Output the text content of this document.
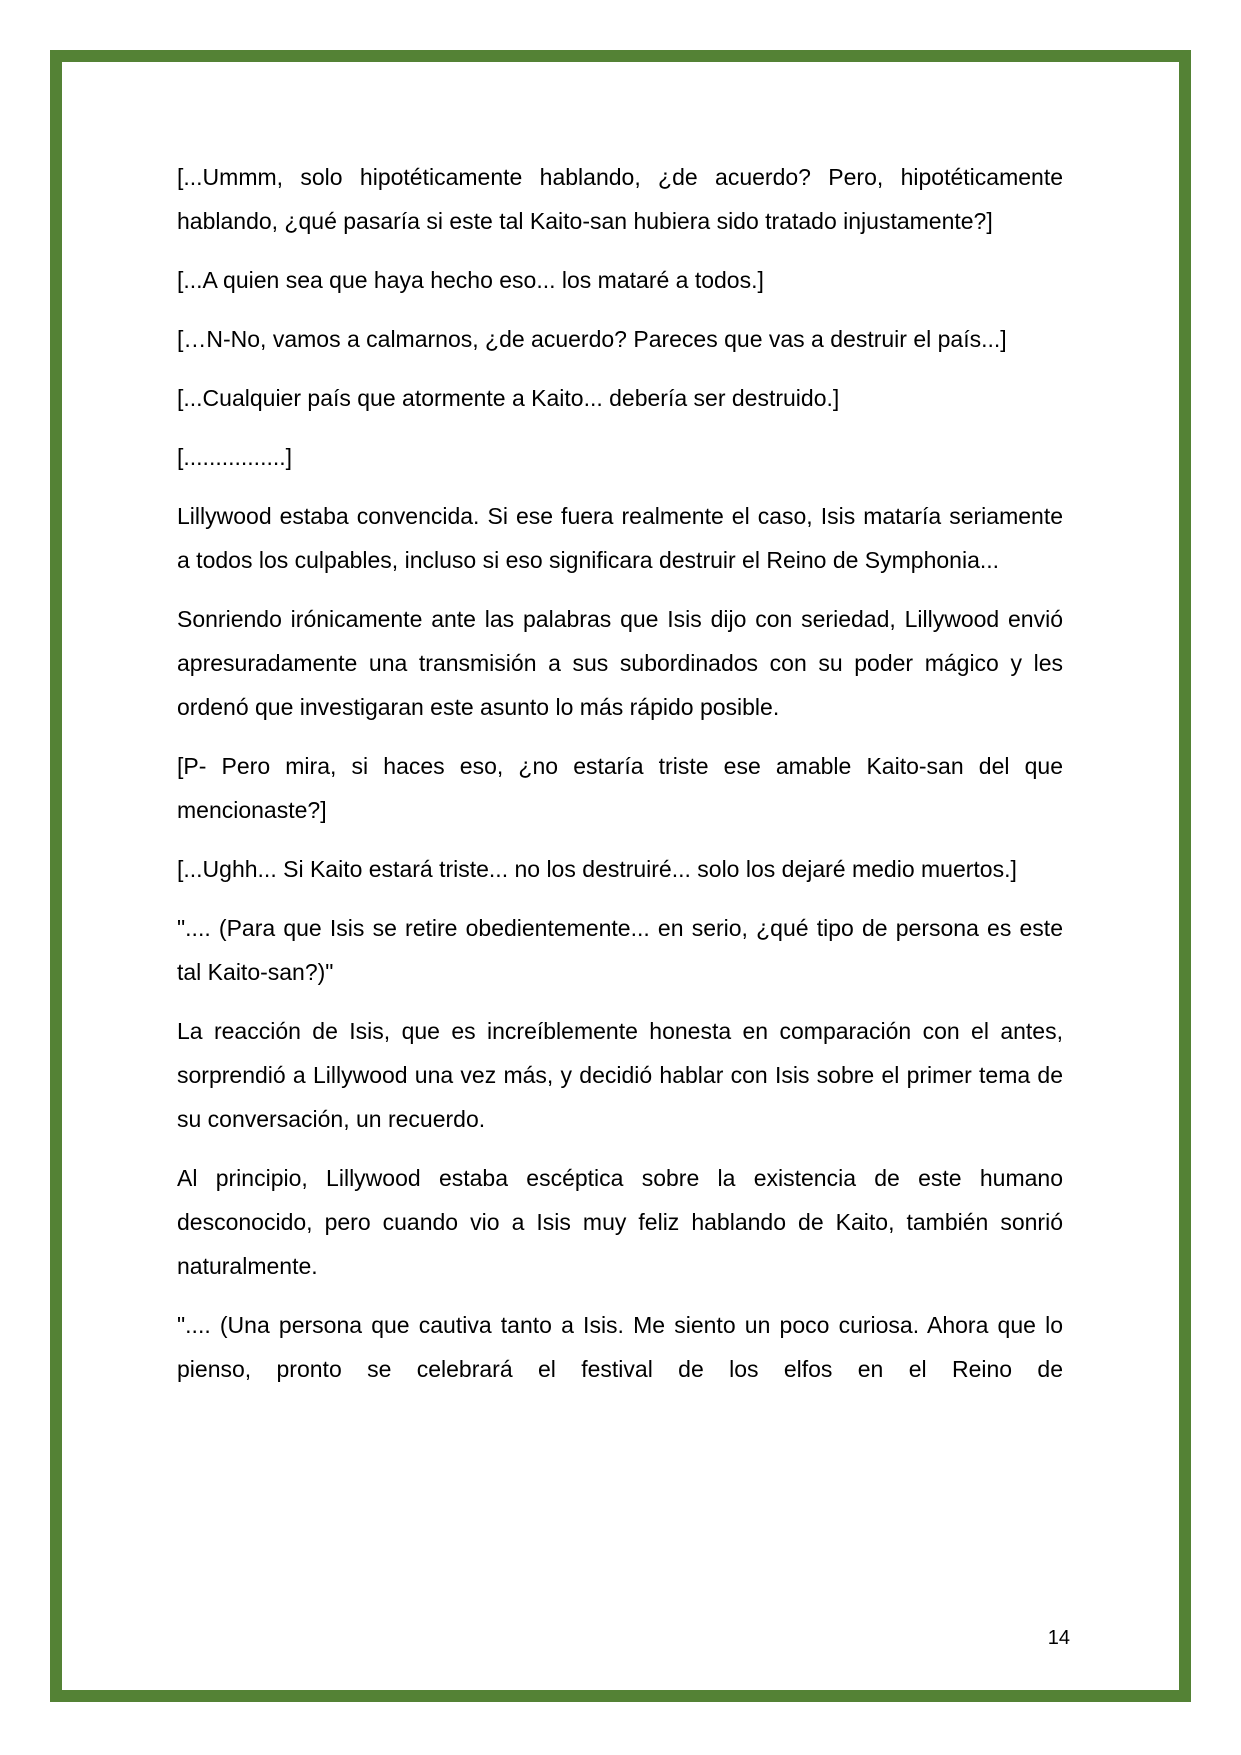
[...Ummm, solo hipotéticamente hablando, ¿de acuerdo? Pero, hipotéticamente hablando, ¿qué pasaría si este tal Kaito-san hubiera sido tratado injustamente?]

[...A quien sea que haya hecho eso... los mataré a todos.]

[…N-No, vamos a calmarnos, ¿de acuerdo? Pareces que vas a destruir el país...]

[...Cualquier país que atormente a Kaito... debería ser destruido.]

[................]

Lillywood estaba convencida. Si ese fuera realmente el caso, Isis mataría seriamente a todos los culpables, incluso si eso significara destruir el Reino de Symphonia...

Sonriendo irónicamente ante las palabras que Isis dijo con seriedad, Lillywood envió apresuradamente una transmisión a sus subordinados con su poder mágico y les ordenó que investigaran este asunto lo más rápido posible.

[P- Pero mira, si haces eso, ¿no estaría triste ese amable Kaito-san del que mencionaste?]

[...Ughh... Si Kaito estará triste... no los destruiré... solo los dejaré medio muertos.]

".... (Para que Isis se retire obedientemente... en serio, ¿qué tipo de persona es este tal Kaito-san?)"

La reacción de Isis, que es increíblemente honesta en comparación con el antes, sorprendió a Lillywood una vez más, y decidió hablar con Isis sobre el primer tema de su conversación, un recuerdo.

Al principio, Lillywood estaba escéptica sobre la existencia de este humano desconocido, pero cuando vio a Isis muy feliz hablando de Kaito, también sonrió naturalmente.

".... (Una persona que cautiva tanto a Isis. Me siento un poco curiosa. Ahora que lo pienso, pronto se celebrará el festival de los elfos en el Reino de

14
